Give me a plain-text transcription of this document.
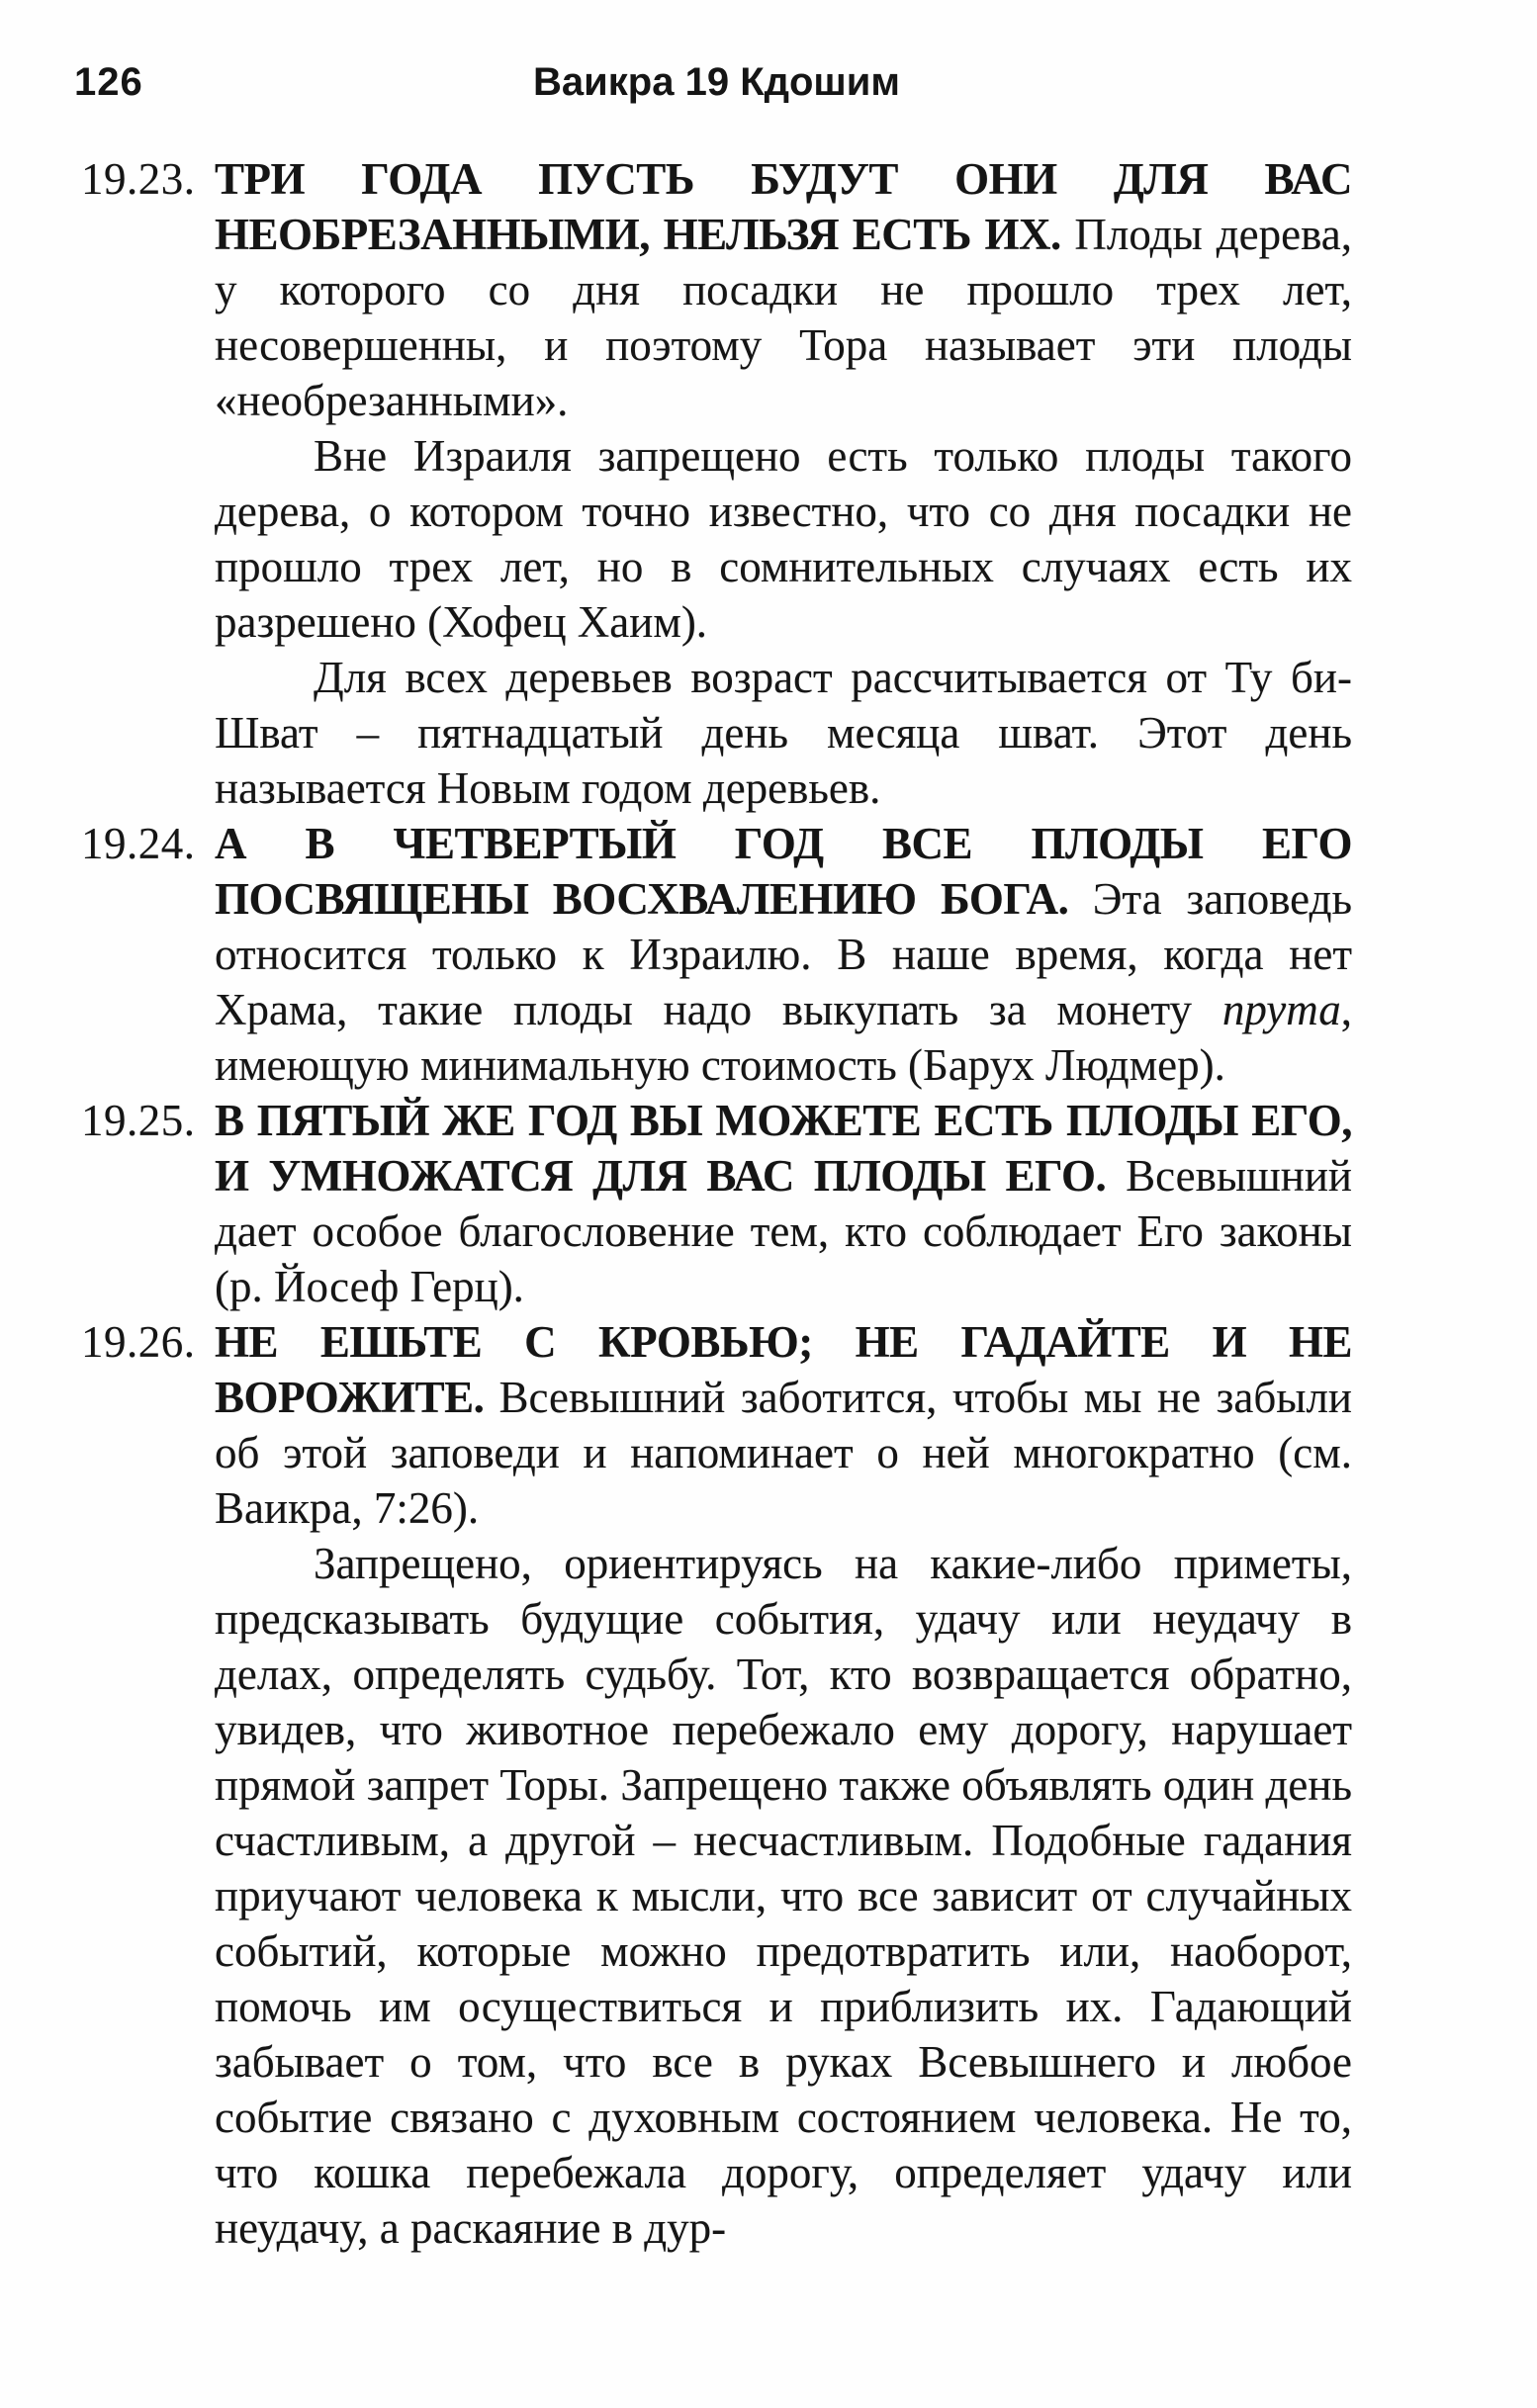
126	Ваикра 19 Кдошим

19.23. ТРИ ГОДА ПУСТЬ БУДУТ ОНИ ДЛЯ ВАС НЕОБРЕЗАННЫМИ, НЕЛЬЗЯ ЕСТЬ ИХ. Плоды дерева, у которого со дня посадки не прошло трех лет, несовершенны, и поэтому Тора называет эти плоды «необрезанными».

Вне Израиля запрещено есть только плоды такого дерева, о котором точно известно, что со дня посадки не прошло трех лет, но в сомнительных случаях есть их разрешено (Хофец Хаим).

Для всех деревьев возраст рассчитывается от Ту би-Шват – пятнадцатый день месяца шват. Этот день называется Новым годом деревьев.

19.24. А В ЧЕТВЕРТЫЙ ГОД ВСЕ ПЛОДЫ ЕГО ПОСВЯЩЕНЫ ВОСХВАЛЕНИЮ БОГА. Эта заповедь относится только к Израилю. В наше время, когда нет Храма, такие плоды надо выкупать за монету прута, имеющую минимальную стоимость (Барух Людмер).

19.25. В ПЯТЫЙ ЖЕ ГОД ВЫ МОЖЕТЕ ЕСТЬ ПЛОДЫ ЕГО, И УМНОЖАТСЯ ДЛЯ ВАС ПЛОДЫ ЕГО. Всевышний дает особое благословение тем, кто соблюдает Его законы (р. Йосеф Герц).

19.26. НЕ ЕШЬТЕ С КРОВЬЮ; НЕ ГАДАЙТЕ И НЕ ВОРОЖИТЕ. Всевышний заботится, чтобы мы не забыли об этой заповеди и напоминает о ней многократно (см. Ваикра, 7:26).

Запрещено, ориентируясь на какие-либо приметы, предсказывать будущие события, удачу или неудачу в делах, определять судьбу. Тот, кто возвращается обратно, увидев, что животное перебежало ему дорогу, нарушает прямой запрет Торы. Запрещено также объявлять один день счастливым, а другой – несчастливым. Подобные гадания приучают человека к мысли, что все зависит от случайных событий, которые можно предотвратить или, наоборот, помочь им осуществиться и приблизить их. Гадающий забывает о том, что все в руках Всевышнего и любое событие связано с духовным состоянием человека. Не то, что кошка перебежала дорогу, определяет удачу или неудачу, а раскаяние в дур-
